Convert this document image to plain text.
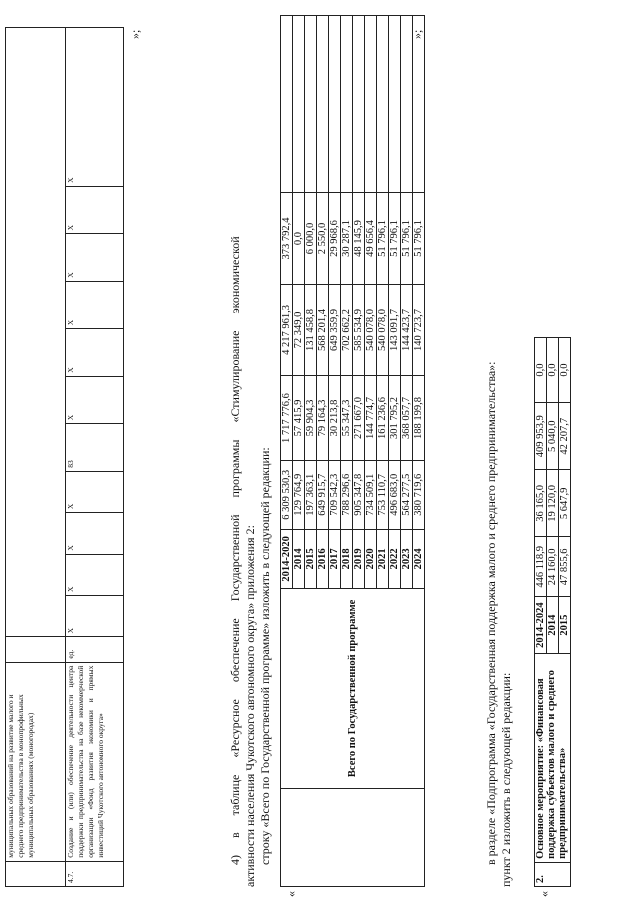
	муниципальных образований на развитие малого и среднего предпринимательства в монопрофильных муниципальных образованиях (моногородах)												
4.7.	Создание и (или) обеспечение деятельности центра поддержки предпринимательства на базе некоммерческой организации «Фонд развития экономики и прямых инвестиций Чукотского автономного округа»	ед.	X	X	X	X	83	X	X	X	X	X	X
»;
4) в таблице «Ресурсное обеспечение Государственной программы «Стимулирование экономической активности населения Чукотского автономного округа» приложения 2: строку «Всего по Государственной программе» изложить в следующей редакции:
«
	Всего по Государственной программе	2014-2020	6 309 530,3	1 717 776,6	4 217 961,3	373 792,4	
		2014	129 764,9	57 415,9	72 349,0	0,0	
		2015	197 363,1	59 904,3	131 458,8	6 000,0	
		2016	649 915,7	79 164,3	568 201,4	2 550,0	
		2017	709 542,3	30 213,8	649 359,9	29 968,6	
		2018	788 296,6	55 347,3	702 662,2	30 287,1	
		2019	905 347,8	271 667,0	585 534,9	48 145,9	
		2020	734 509,1	144 774,7	540 078,0	49 656,4	
		2021	753 110,7	161 236,6	540 078,0	51 796,1	
		2022	496 683,0	301 795,2	143 091,7	51 796,1	
		2023	564 277,5	368 057,7	144 423,7	51 796,1	
		2024	380 719,6	188 199,8	140 723,7	51 796,1	
»;
в разделе «Подпрограмма «Государственная поддержка малого и среднего предпринимательства»: пункт 2 изложить в следующей редакции:
«
2.	Основное мероприятие: «Финансовая поддержка субъектов малого и среднего предпринимательства»	2014-2024	446 118,9	36 165,0	409 953,9	0,0
		2014	24 160,0	19 120,0	5 040,0	0,0
		2015	47 855,6	5 647,9	42 207,7	0,0
